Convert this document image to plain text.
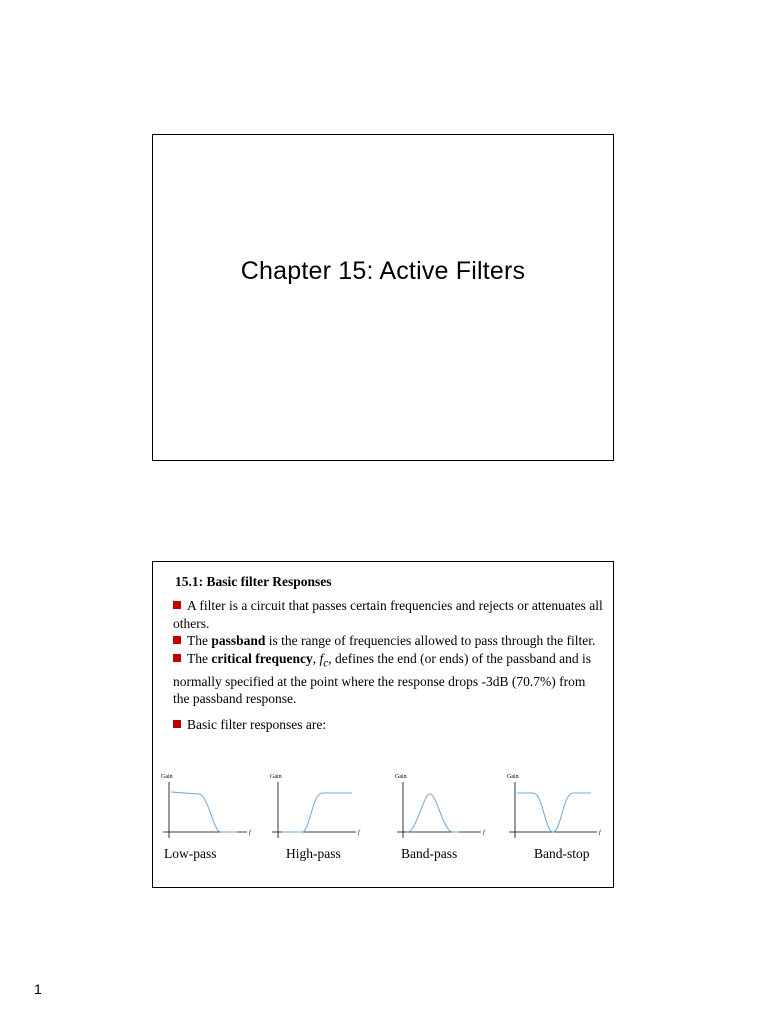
Chapter 15: Active Filters
15.1: Basic filter Responses

A filter is a circuit that passes certain frequencies and rejects or attenuates all others.

The passband is the range of frequencies allowed to pass through the filter.

The critical frequency, $f_c$, defines the end (or ends) of the passband and is normally specified at the point where the response drops -3dB (70.7%) from the passband response.

Basic filter responses are:

Gain
f
Low-pass
Gain
f
High-pass
Gain
f
Band-pass
Gain
f
Band-stop
1
